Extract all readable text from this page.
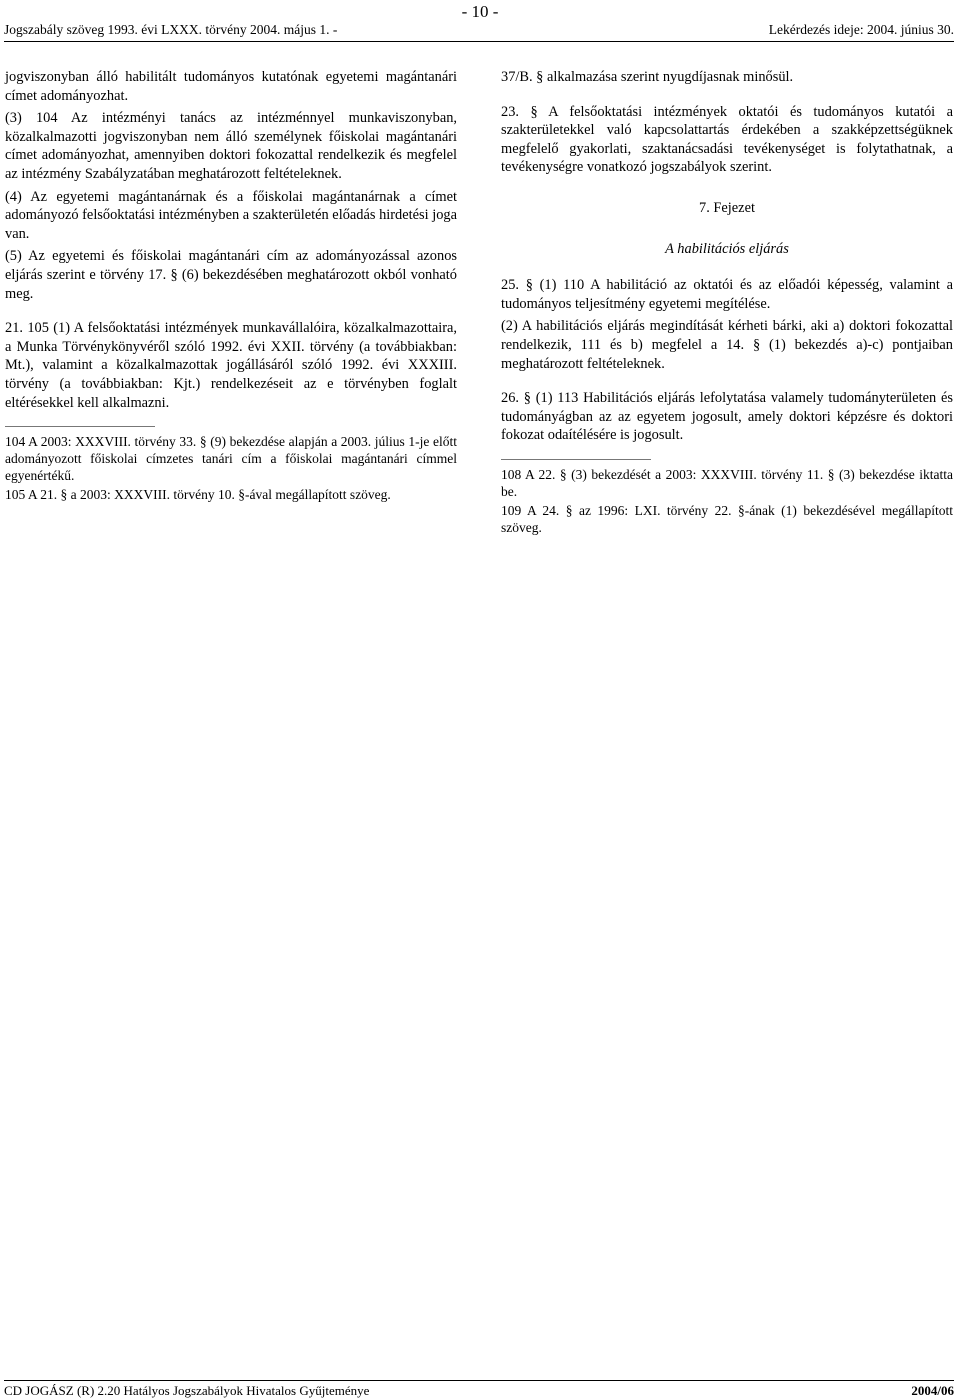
- 10 -
Jogszabály szöveg 1993. évi LXXX. törvény 2004. május 1. -	Lekérdezés ideje: 2004. június 30.

jogviszonyban álló habilitált tudományos kutatónak egyetemi magántanári címet adományozhat.

(3) 104 Az intézményi tanács az intézménnyel munkaviszonyban, közalkalmazotti jogviszonyban nem álló személynek főiskolai magántanári címet adományozhat, amennyiben doktori fokozattal rendelkezik és megfelel az intézmény Szabályzatában meghatározott feltételeknek.

(4) Az egyetemi magántanárnak és a főiskolai magántanárnak a címet adományozó felsőoktatási intézményben a szakterületén előadás hirdetési joga van.

(5) Az egyetemi és főiskolai magántanári cím az adományozással azonos eljárás szerint e törvény 17. § (6) bekezdésében meghatározott okból vonható meg.

21. 105 (1) A felsőoktatási intézmények munkavállalóira, közalkalmazottaira, a Munka Törvénykönyvéről szóló 1992. évi XXII. törvény (a továbbiakban: Mt.), valamint a közalkalmazottak jogállásáról szóló 1992. évi XXXIII. törvény (a továbbiakban: Kjt.) rendelkezéseit az e törvényben foglalt eltérésekkel kell alkalmazni.

104 A 2003: XXXVIII. törvény 33. § (9) bekezdése alapján a 2003. július 1-je előtt adományozott főiskolai címzetes tanári cím a főiskolai magántanári címmel egyenértékű.

105 A 21. § a 2003: XXXVIII. törvény 10. §-ával megállapított szöveg.

37/B. § alkalmazása szerint nyugdíjasnak minősül.

23. § A felsőoktatási intézmények oktatói és tudományos kutatói a szakterületekkel való kapcsolattartás érdekében a szakképzettségüknek megfelelő gyakorlati, szaktanácsadási tevékenységet is folytathatnak, a tevékenységre vonatkozó jogszabályok szerint.

7. Fejezet

A habilitációs eljárás

25. § (1) 110 A habilitáció az oktatói és az előadói képesség, valamint a tudományos teljesítmény egyetemi megítélése.

(2) A habilitációs eljárás megindítását kérheti bárki, aki a) doktori fokozattal rendelkezik, 111 és b) megfelel a 14. § (1) bekezdés a)-c) pontjaiban meghatározott feltételeknek.

26. § (1) 113 Habilitációs eljárás lefolytatása valamely tudományterületen és tudományágban az az egyetem jogosult, amely doktori képzésre és doktori fokozat odaítélésére is jogosult.

108 A 22. § (3) bekezdését a 2003: XXXVIII. törvény 11. § (3) bekezdése iktatta be.

109 A 24. § az 1996: LXI. törvény 22. §-ának (1) bekezdésével megállapított szöveg.

CD JOGÁSZ (R) 2.20 Hatályos Jogszabályok Hivatalos Gyűjteménye	2004/06
